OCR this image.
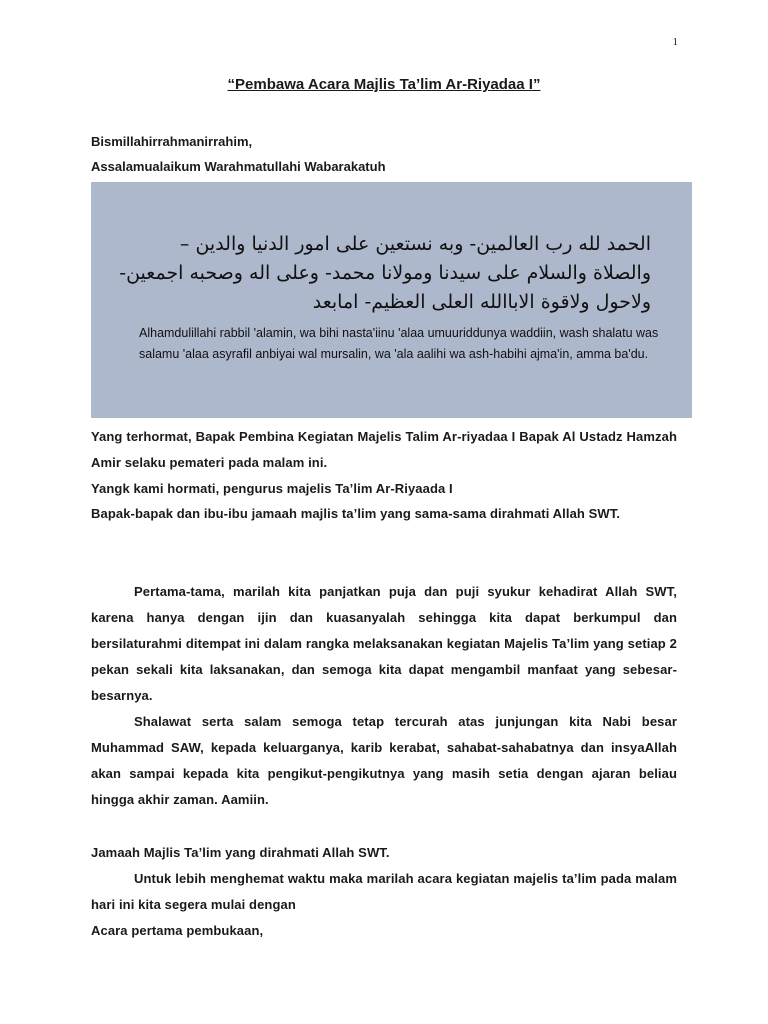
1
“Pembawa Acara Majlis Ta’lim Ar-Riyadaa I”
Bismillahirrahmanirrahim,
Assalamualaikum Warahmatullahi Wabarakatuh
الحمد لله رب العالمين- وبه نستعين على امور الدنيا والدين –
والصلاة والسلام على سيدنا ومولانا محمد- وعلى اله وصحبه اجمعين-
ولاحول ولاقوة الاباالله العلى العظيم- امابعد
Alhamdulillahi rabbil 'alamin, wa bihi nasta'iinu 'alaa umuuriddunya waddiin, wash shalatu was salamu 'alaa asyrafil anbiyai wal mursalin, wa 'ala aalihi wa ash-habihi ajma'in, amma ba'du.
Yang terhormat, Bapak Pembina Kegiatan Majelis Talim Ar-riyadaa I Bapak Al Ustadz Hamzah Amir selaku pemateri pada malam ini.
Yangk kami hormati, pengurus majelis Ta’lim Ar-Riyaada I
Bapak-bapak dan ibu-ibu jamaah majlis ta’lim yang sama-sama dirahmati Allah SWT.
Pertama-tama, marilah kita panjatkan puja dan puji syukur kehadirat Allah SWT, karena hanya dengan ijin dan kuasanyalah sehingga kita dapat berkumpul dan bersilaturahmi ditempat ini dalam rangka melaksanakan kegiatan Majelis Ta’lim yang setiap 2 pekan sekali kita laksanakan, dan semoga kita dapat mengambil manfaat yang sebesar-besarnya.
Shalawat serta salam semoga tetap tercurah atas junjungan kita Nabi besar Muhammad SAW, kepada keluarganya, karib kerabat, sahabat-sahabatnya dan insyaAllah akan sampai kepada kita pengikut-pengikutnya yang masih setia dengan ajaran beliau hingga akhir zaman. Aamiin.
Jamaah Majlis Ta’lim yang dirahmati Allah SWT.
Untuk lebih menghemat waktu maka marilah acara kegiatan majelis ta’lim pada malam hari ini kita segera mulai dengan
Acara pertama pembukaan,
